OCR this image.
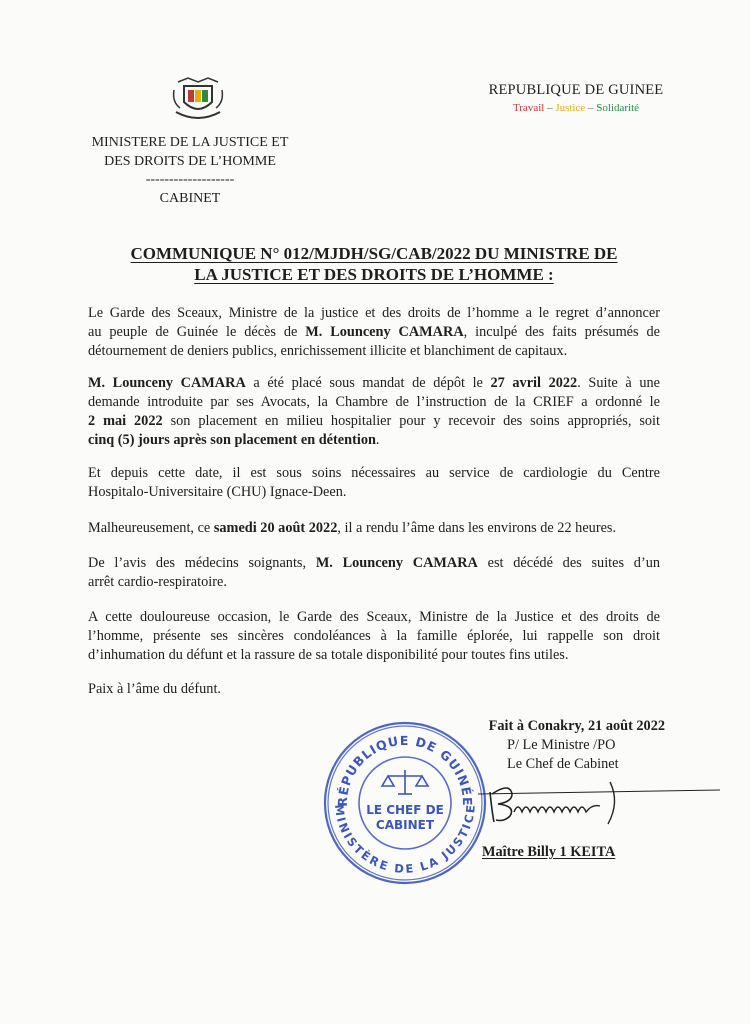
MINISTERE DE LA JUSTICE ET
DES DROITS DE L’HOMME
-------------------
CABINET
REPUBLIQUE DE GUINEE
Travail – Justice – Solidarité
COMMUNIQUE N° 012/MJDH/SG/CAB/2022 DU MINISTRE DE
LA JUSTICE ET DES DROITS DE L’HOMME :

Le Garde des Sceaux, Ministre de la justice et des droits de l’homme a le regret d’annoncer
au peuple de Guinée le décès de M. Lounceny CAMARA, inculpé des faits présumés de
détournement de deniers publics, enrichissement illicite et blanchiment de capitaux.

M. Lounceny CAMARA a été placé sous mandat de dépôt le 27 avril 2022. Suite à une
demande introduite par ses Avocats, la Chambre de l’instruction de la CRIEF a ordonné le
2 mai 2022 son placement en milieu hospitalier pour y recevoir des soins appropriés, soit
cinq (5) jours après son placement en détention.

Et depuis cette date, il est sous soins nécessaires au service de cardiologie du Centre
Hospitalo-Universitaire (CHU) Ignace-Deen.

Malheureusement, ce samedi 20 août 2022, il a rendu l’âme dans les environs de 22 heures.

De l’avis des médecins soignants, M. Lounceny CAMARA est décédé des suites d’un
arrêt cardio-respiratoire.

A cette douloureuse occasion, le Garde des Sceaux, Ministre de la Justice et des droits de
l’homme, présente ses sincères condoléances à la famille éplorée, lui rappelle son droit
d’inhumation du défunt et la rassure de sa totale disponibilité pour toutes fins utiles.

Paix à l’âme du défunt.

Fait à Conakry, 21 août 2022
P/ Le Ministre /PO
Le Chef de Cabinet
RÉPUBLIQUE DE GUINÉE
MINISTÈRE DE LA JUSTICE
LE CHEF DE
CABINET
Maître Billy 1 KEITA
